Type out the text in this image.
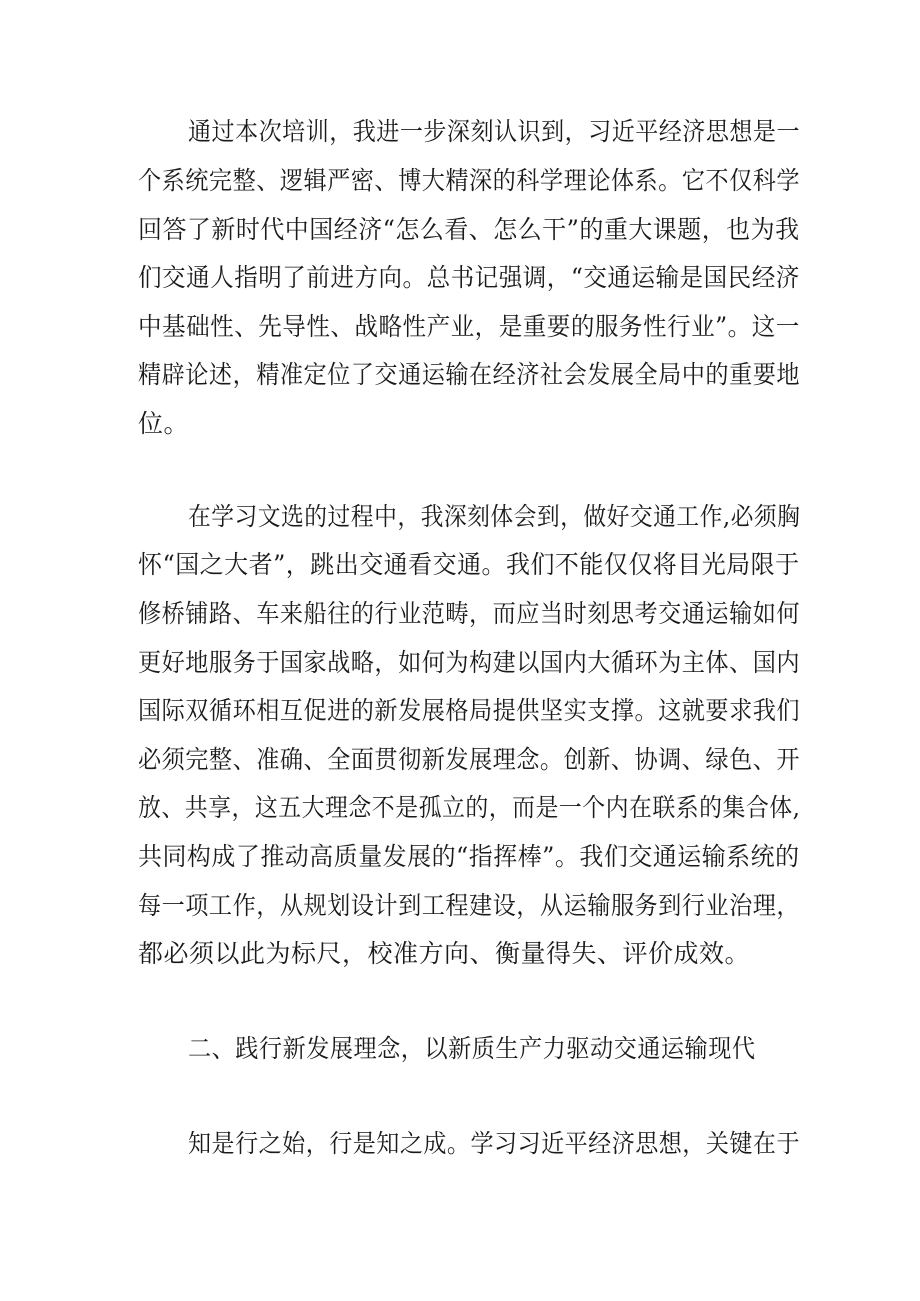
通过本次培训，我进一步深刻认识到，习近平经济思想是一
个系统完整、逻辑严密、博大精深的科学理论体系。它不仅科学
回答了新时代中国经济“怎么看、怎么干”的重大课题，也为我
们交通人指明了前进方向。总书记强调，“交通运输是国民经济
中基础性、先导性、战略性产业，是重要的服务性行业”。这一
精辟论述，精准定位了交通运输在经济社会发展全局中的重要地
位。
在学习文选的过程中，我深刻体会到，做好交通工作,必须胸
怀“国之大者”，跳出交通看交通。我们不能仅仅将目光局限于
修桥铺路、车来船往的行业范畴，而应当时刻思考交通运输如何
更好地服务于国家战略，如何为构建以国内大循环为主体、国内
国际双循环相互促进的新发展格局提供坚实支撑。这就要求我们
必须完整、准确、全面贯彻新发展理念。创新、协调、绿色、开
放、共享，这五大理念不是孤立的，而是一个内在联系的集合体,
共同构成了推动高质量发展的“指挥棒”。我们交通运输系统的
每一项工作，从规划设计到工程建设，从运输服务到行业治理，
都必须以此为标尺，校准方向、衡量得失、评价成效。
二、践行新发展理念，以新质生产力驱动交通运输现代
知是行之始，行是知之成。学习习近平经济思想，关键在于
